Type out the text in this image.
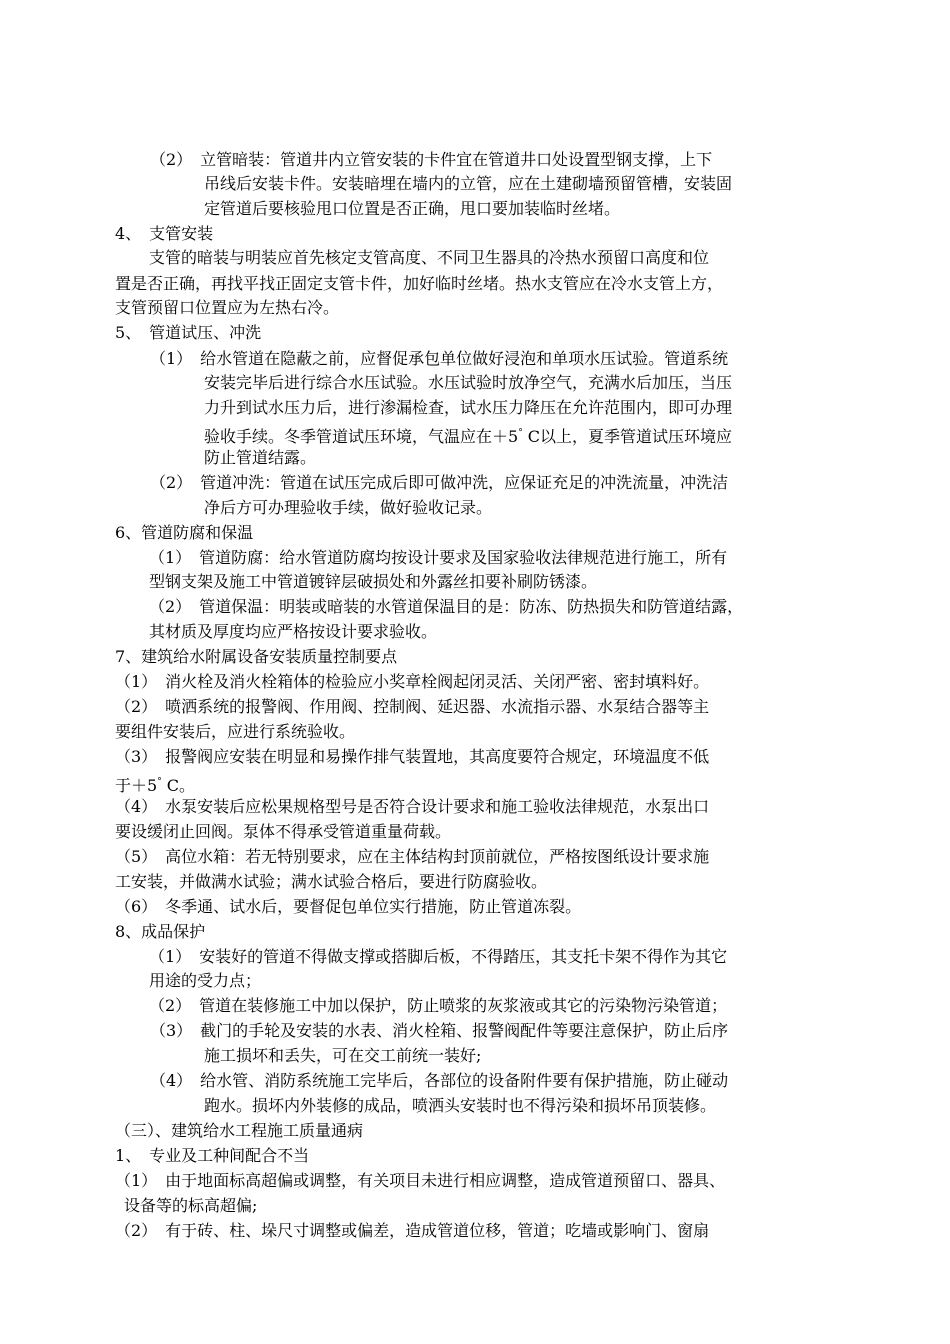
（2）　立管暗装：管道井内立管安装的卡件宜在管道井口处设置型钢支撑，上下
吊线后安装卡件。安装暗埋在墙内的立管，应在土建砌墙预留管槽，安装固
定管道后要核验甩口位置是否正确，甩口要加装临时丝堵。
4、　支管安装
支管的暗装与明装应首先核定支管高度、不同卫生器具的冷热水预留口高度和位
置是否正确，再找平找正固定支管卡件，加好临时丝堵。热水支管应在冷水支管上方，
支管预留口位置应为左热右冷。
5、　管道试压、冲洗
（1）　给水管道在隐蔽之前，应督促承包单位做好浸泡和单项水压试验。管道系统
安装完毕后进行综合水压试验。水压试验时放净空气，充满水后加压，当压
力升到试水压力后，进行渗漏检查，试水压力降压在允许范围内，即可办理
验收手续。冬季管道试压环境，气温应在＋5° C以上，夏季管道试压环境应
防止管道结露。
（2）　管道冲洗：管道在试压完成后即可做冲洗，应保证充足的冲洗流量，冲洗洁
净后方可办理验收手续，做好验收记录。
6、管道防腐和保温
（1）　管道防腐：给水管道防腐均按设计要求及国家验收法律规范进行施工，所有
型钢支架及施工中管道镀锌层破损处和外露丝扣要补刷防锈漆。
（2）　管道保温：明装或暗装的水管道保温目的是：防冻、防热损失和防管道结露，
其材质及厚度均应严格按设计要求验收。
7、建筑给水附属设备安装质量控制要点
（1）　消火栓及消火栓箱体的检验应小奖章栓阀起闭灵活、关闭严密、密封填料好。
（2）　喷洒系统的报警阀、作用阀、控制阀、延迟器、水流指示器、水泵结合器等主
要组件安装后，应进行系统验收。
（3）　报警阀应安装在明显和易操作排气装置地，其高度要符合规定，环境温度不低
于＋5° C。
（4）　水泵安装后应松果规格型号是否符合设计要求和施工验收法律规范，水泵出口
要设缓闭止回阀。泵体不得承受管道重量荷载。
（5）　高位水箱：若无特别要求，应在主体结构封顶前就位，严格按图纸设计要求施
工安装，并做满水试验；满水试验合格后，要进行防腐验收。
（6）　冬季通、试水后，要督促包单位实行措施，防止管道冻裂。
8、成品保护
（1）　安装好的管道不得做支撑或搭脚后板，不得踏压，其支托卡架不得作为其它
用途的受力点；
（2）　管道在装修施工中加以保护，防止喷浆的灰浆液或其它的污染物污染管道；
（3）　截门的手轮及安装的水表、消火栓箱、报警阀配件等要注意保护，防止后序
施工损坏和丢失，可在交工前统一装好;
（4）　给水管、消防系统施工完毕后，各部位的设备附件要有保护措施，防止碰动
跑水。损坏内外装修的成品，喷洒头安装时也不得污染和损坏吊顶装修。
（三）、建筑给水工程施工质量通病
1、　专业及工种间配合不当
（1）　由于地面标高超偏或调整，有关项目未进行相应调整，造成管道预留口、器具、
设备等的标高超偏;
（2）　有于砖、柱、垛尺寸调整或偏差，造成管道位移，管道；吃墙或影响门、窗扇
